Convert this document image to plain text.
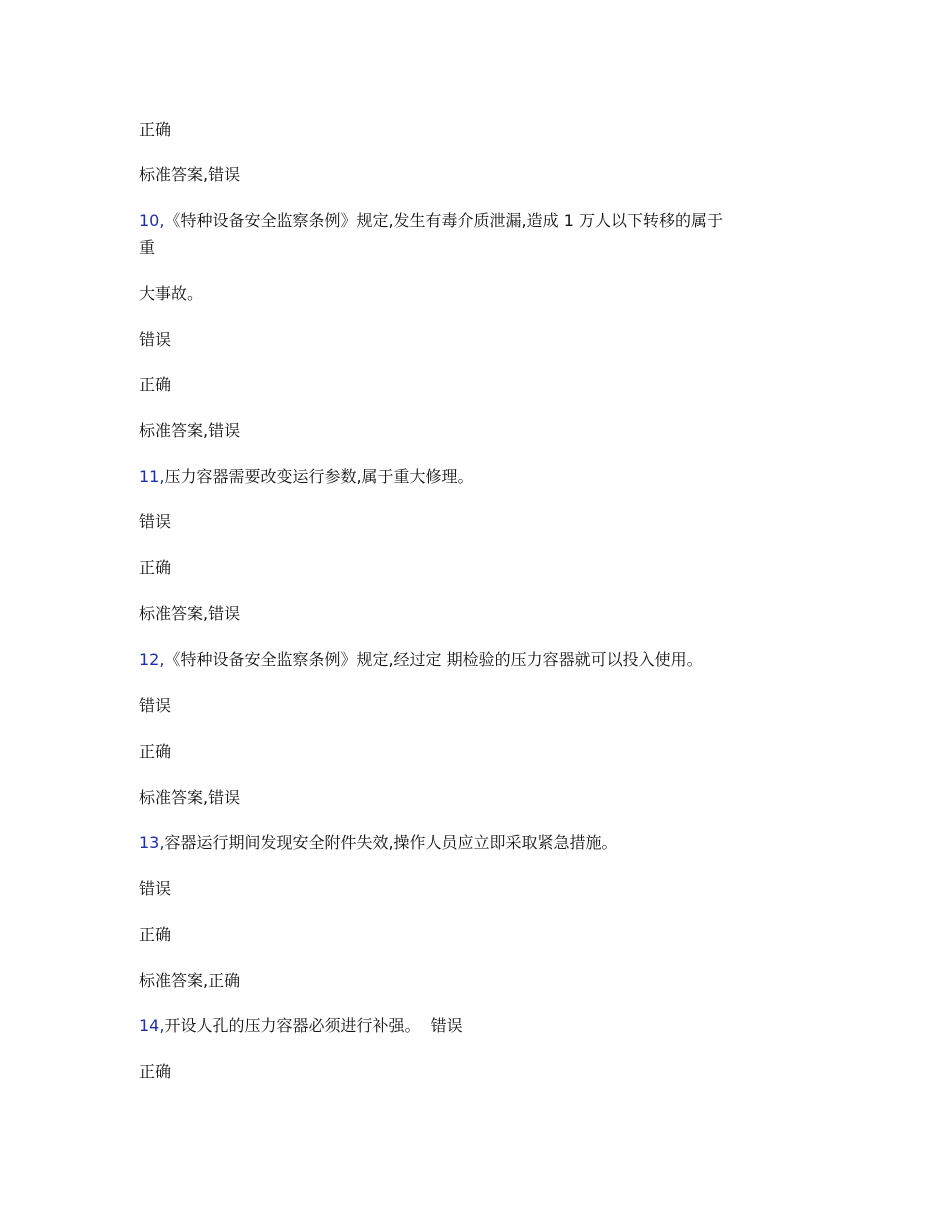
正确
标准答案,错误
10,《特种设备安全监察条例》规定,发生有毒介质泄漏,造成 1 万人以下转移的属于
重
大事故。
错误
正确
标准答案,错误
11,压力容器需要改变运行参数,属于重大修理。
错误
正确
标准答案,错误
12,《特种设备安全监察条例》规定,经过定 期检验的压力容器就可以投入使用。
错误
正确
标准答案,错误
13,容器运行期间发现安全附件失效,操作人员应立即采取紧急措施。
错误
正确
标准答案,正确
14,开设人孔的压力容器必须进行补强。  错误
正确
